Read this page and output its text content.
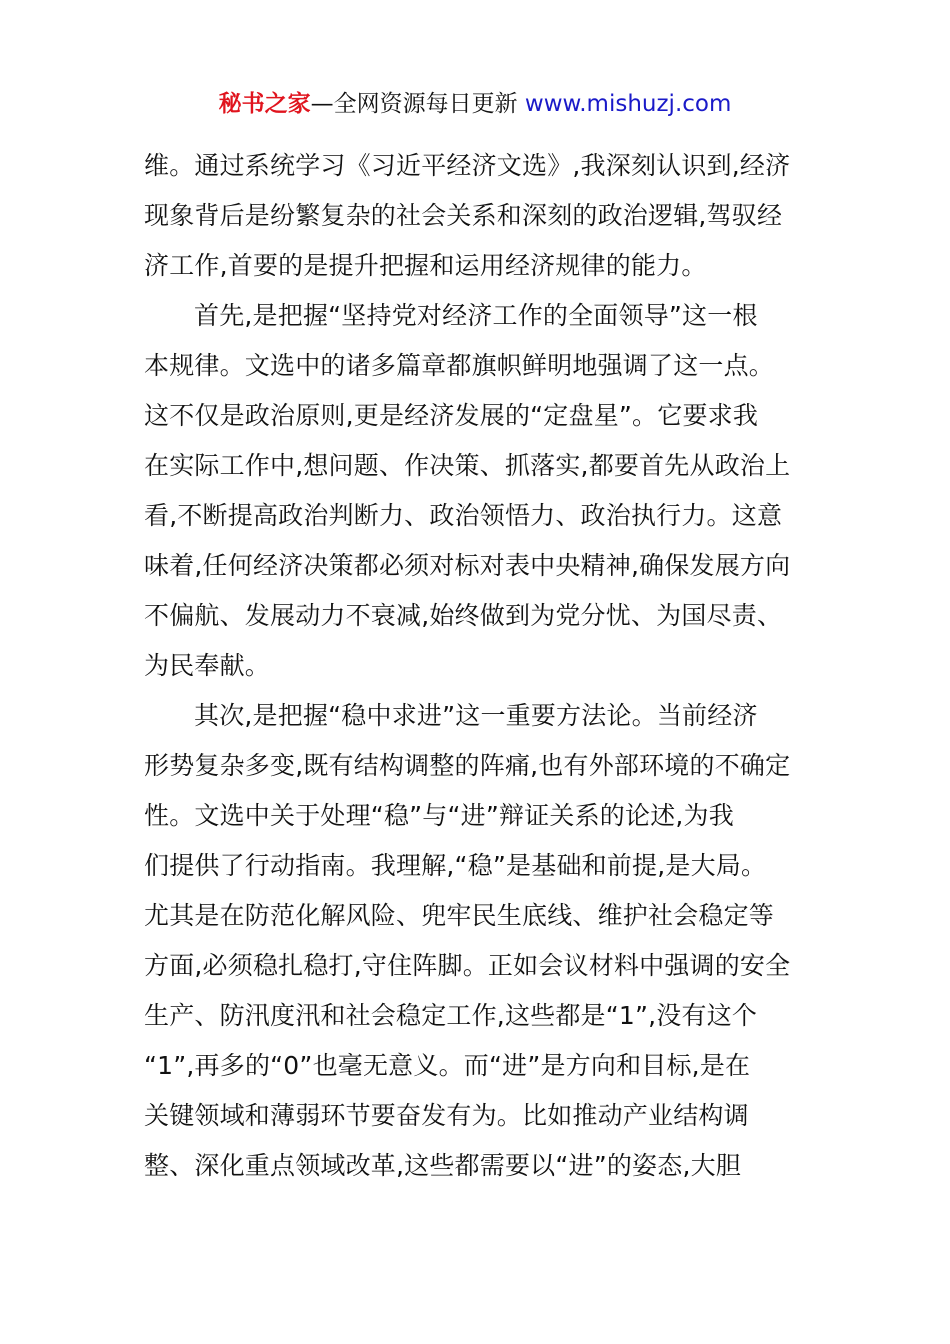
秘书之家—全网资源每日更新 www.mishuzj.com
维。通过系统学习《习近平经济文选》,我深刻认识到,经济
现象背后是纷繁复杂的社会关系和深刻的政治逻辑,驾驭经
济工作,首要的是提升把握和运用经济规律的能力。
首先,是把握“坚持党对经济工作的全面领导”这一根
本规律。文选中的诸多篇章都旗帜鲜明地强调了这一点。
这不仅是政治原则,更是经济发展的“定盘星”。它要求我
在实际工作中,想问题、作决策、抓落实,都要首先从政治上
看,不断提高政治判断力、政治领悟力、政治执行力。这意
味着,任何经济决策都必须对标对表中央精神,确保发展方向
不偏航、发展动力不衰减,始终做到为党分忧、为国尽责、
为民奉献。
其次,是把握“稳中求进”这一重要方法论。当前经济
形势复杂多变,既有结构调整的阵痛,也有外部环境的不确定
性。文选中关于处理“稳”与“进”辩证关系的论述,为我
们提供了行动指南。我理解,“稳”是基础和前提,是大局。
尤其是在防范化解风险、兜牢民生底线、维护社会稳定等
方面,必须稳扎稳打,守住阵脚。正如会议材料中强调的安全
生产、防汛度汛和社会稳定工作,这些都是“1”,没有这个
“1”,再多的“0”也毫无意义。而“进”是方向和目标,是在
关键领域和薄弱环节要奋发有为。比如推动产业结构调
整、深化重点领域改革,这些都需要以“进”的姿态,大胆
